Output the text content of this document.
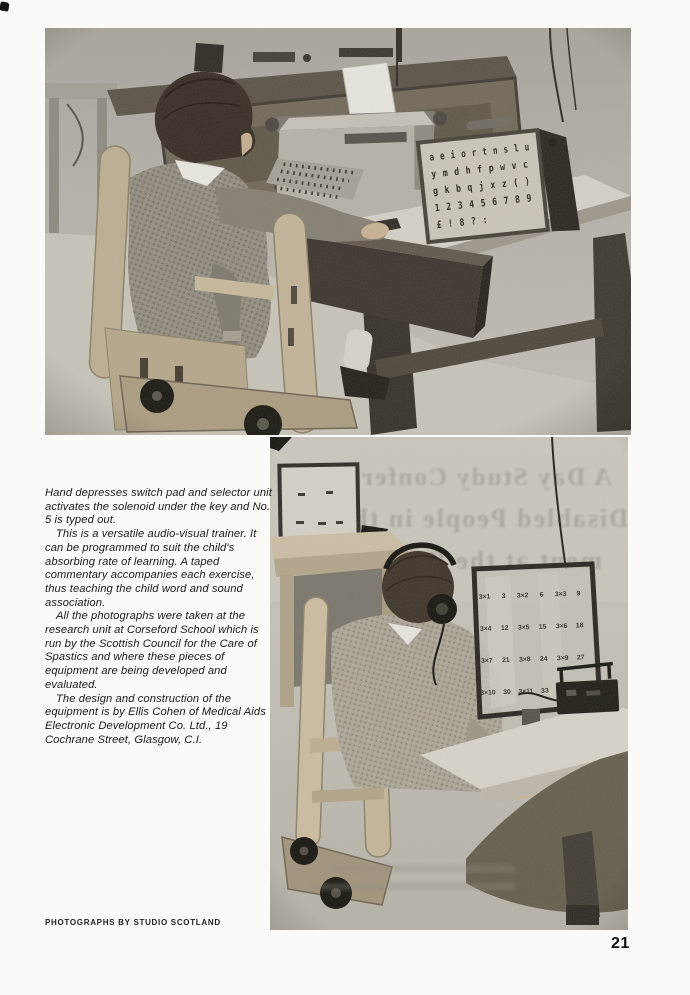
Hand depresses switch pad and selector unit activates the solenoid under the key and No. 5 is typed out.

This is a versatile audio-visual trainer. It can be programmed to suit the child's absorbing rate of learning. A taped commentary accompanies each exercise, thus teaching the child word and sound association.

All the photographs were taken at the research unit at Corseford School which is run by the Scottish Council for the Care of Spastics and where these pieces of equipment are being developed and evaluated.

The design and construction of the equipment is by Ellis Cohen of Medical Aids Electronic Development Co. Ltd., 19 Cochrane Street, Glasgow, C.I.

PHOTOGRAPHS BY STUDIO SCOTLAND
21
